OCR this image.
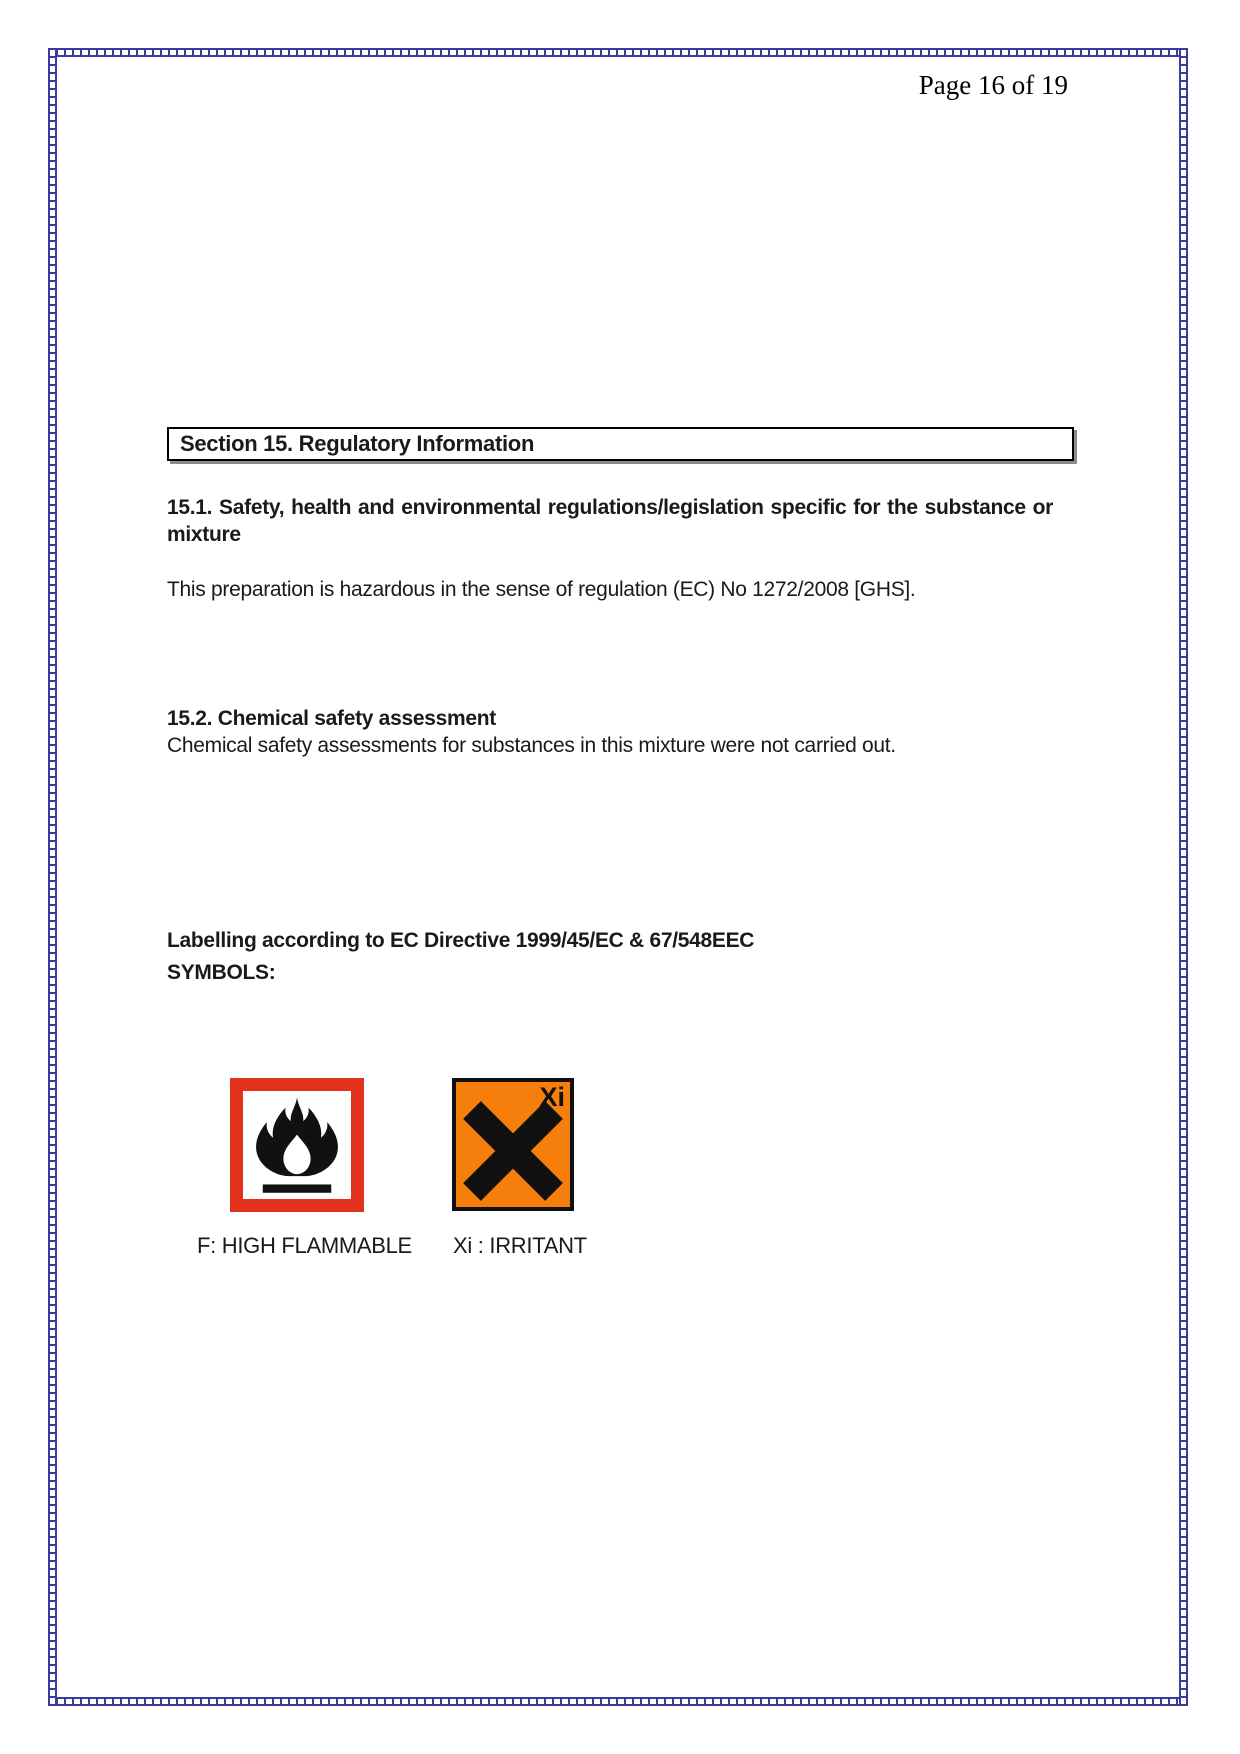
Page 16 of 19
Section 15. Regulatory Information
15.1. Safety, health and environmental regulations/legislation specific for the substance or mixture
This preparation is hazardous in the sense of regulation (EC) No 1272/2008 [GHS].
15.2. Chemical safety assessment
Chemical safety assessments for substances in this mixture were not carried out.
Labelling according to EC Directive 1999/45/EC & 67/548EEC
SYMBOLS:
Xi
F: HIGH FLAMMABLE Xi : IRRITANT
